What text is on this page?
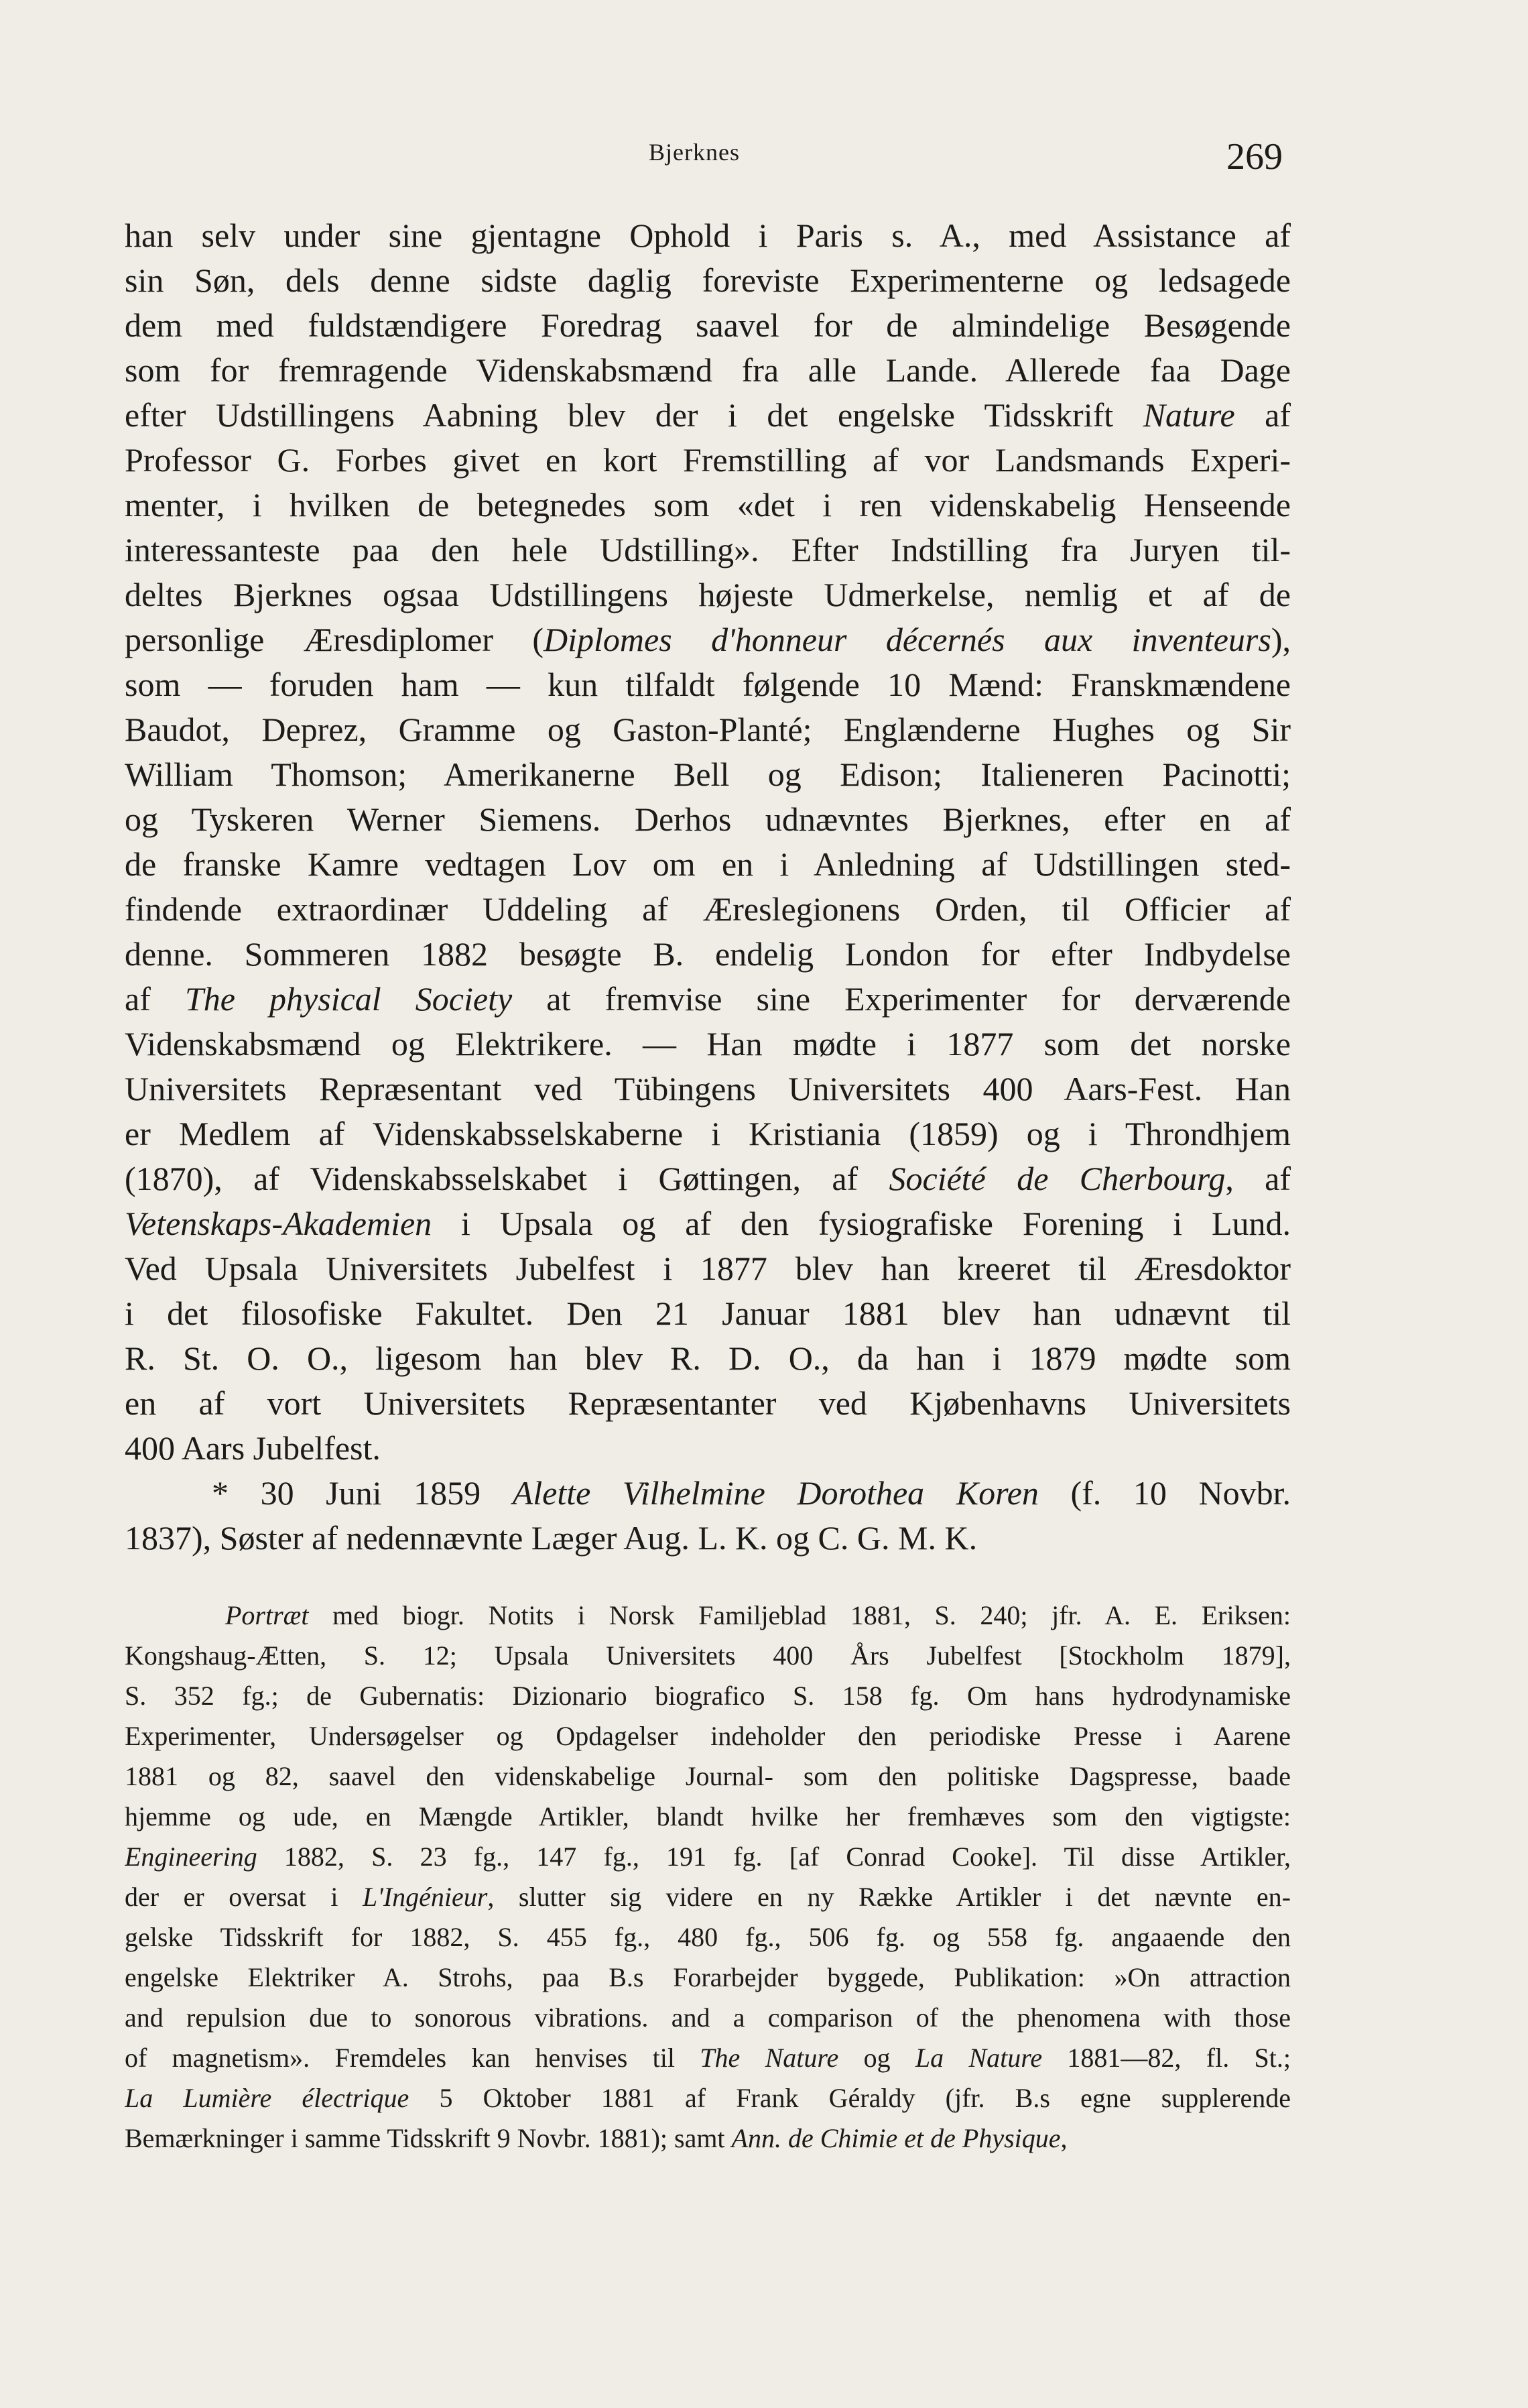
Bjerknes	269
han selv under sine gjentagne Ophold i Paris s. A., med Assistance af
sin Søn, dels denne sidste daglig foreviste Experimenterne og ledsagede
dem med fuldstændigere Foredrag saavel for de almindelige Besøgende
som for fremragende Videnskabsmænd fra alle Lande. Allerede faa Dage
efter Udstillingens Aabning blev der i det engelske Tidsskrift Nature af
Professor G. Forbes givet en kort Fremstilling af vor Landsmands Experi-
menter, i hvilken de betegnedes som «det i ren videnskabelig Henseende
interessanteste paa den hele Udstilling». Efter Indstilling fra Juryen til-
deltes Bjerknes ogsaa Udstillingens højeste Udmerkelse, nemlig et af de
personlige Æresdiplomer (Diplomes d'honneur décernés aux inventeurs),
som — foruden ham — kun tilfaldt følgende 10 Mænd: Franskmændene
Baudot, Deprez, Gramme og Gaston-Planté; Englænderne Hughes og Sir
William Thomson; Amerikanerne Bell og Edison; Italieneren Pacinotti;
og Tyskeren Werner Siemens. Derhos udnævntes Bjerknes, efter en af
de franske Kamre vedtagen Lov om en i Anledning af Udstillingen sted-
findende extraordinær Uddeling af Æreslegionens Orden, til Officier af
denne. Sommeren 1882 besøgte B. endelig London for efter Indbydelse
af The physical Society at fremvise sine Experimenter for derværende
Videnskabsmænd og Elektrikere. — Han mødte i 1877 som det norske
Universitets Repræsentant ved Tübingens Universitets 400 Aars-Fest. Han
er Medlem af Videnskabsselskaberne i Kristiania (1859) og i Throndhjem
(1870), af Videnskabsselskabet i Gøttingen, af Société de Cherbourg, af
Vetenskaps-Akademien i Upsala og af den fysiografiske Forening i Lund.
Ved Upsala Universitets Jubelfest i 1877 blev han kreeret til Æresdoktor
i det filosofiske Fakultet. Den 21 Januar 1881 blev han udnævnt til
R. St. O. O., ligesom han blev R. D. O., da han i 1879 mødte som
en af vort Universitets Repræsentanter ved Kjøbenhavns Universitets
400 Aars Jubelfest.
* 30 Juni 1859 Alette Vilhelmine Dorothea Koren (f. 10 Novbr.
1837), Søster af nedennævnte Læger Aug. L. K. og C. G. M. K.
Portræt med biogr. Notits i Norsk Familjeblad 1881, S. 240; jfr. A. E. Eriksen:
Kongshaug-Ætten, S. 12; Upsala Universitets 400 Års Jubelfest [Stockholm 1879],
S. 352 fg.; de Gubernatis: Dizionario biografico S. 158 fg. Om hans hydrodynamiske
Experimenter, Undersøgelser og Opdagelser indeholder den periodiske Presse i Aarene
1881 og 82, saavel den videnskabelige Journal- som den politiske Dagspresse, baade
hjemme og ude, en Mængde Artikler, blandt hvilke her fremhæves som den vigtigste:
Engineering 1882, S. 23 fg., 147 fg., 191 fg. [af Conrad Cooke]. Til disse Artikler,
der er oversat i L'Ingénieur, slutter sig videre en ny Række Artikler i det nævnte en-
gelske Tidsskrift for 1882, S. 455 fg., 480 fg., 506 fg. og 558 fg. angaaende den
engelske Elektriker A. Strohs, paa B.s Forarbejder byggede, Publikation: »On attraction
and repulsion due to sonorous vibrations. and a comparison of the phenomena with those
of magnetism». Fremdeles kan henvises til The Nature og La Nature 1881—82, fl. St.;
La Lumière électrique 5 Oktober 1881 af Frank Géraldy (jfr. B.s egne supplerende
Bemærkninger i samme Tidsskrift 9 Novbr. 1881); samt Ann. de Chimie et de Physique,
